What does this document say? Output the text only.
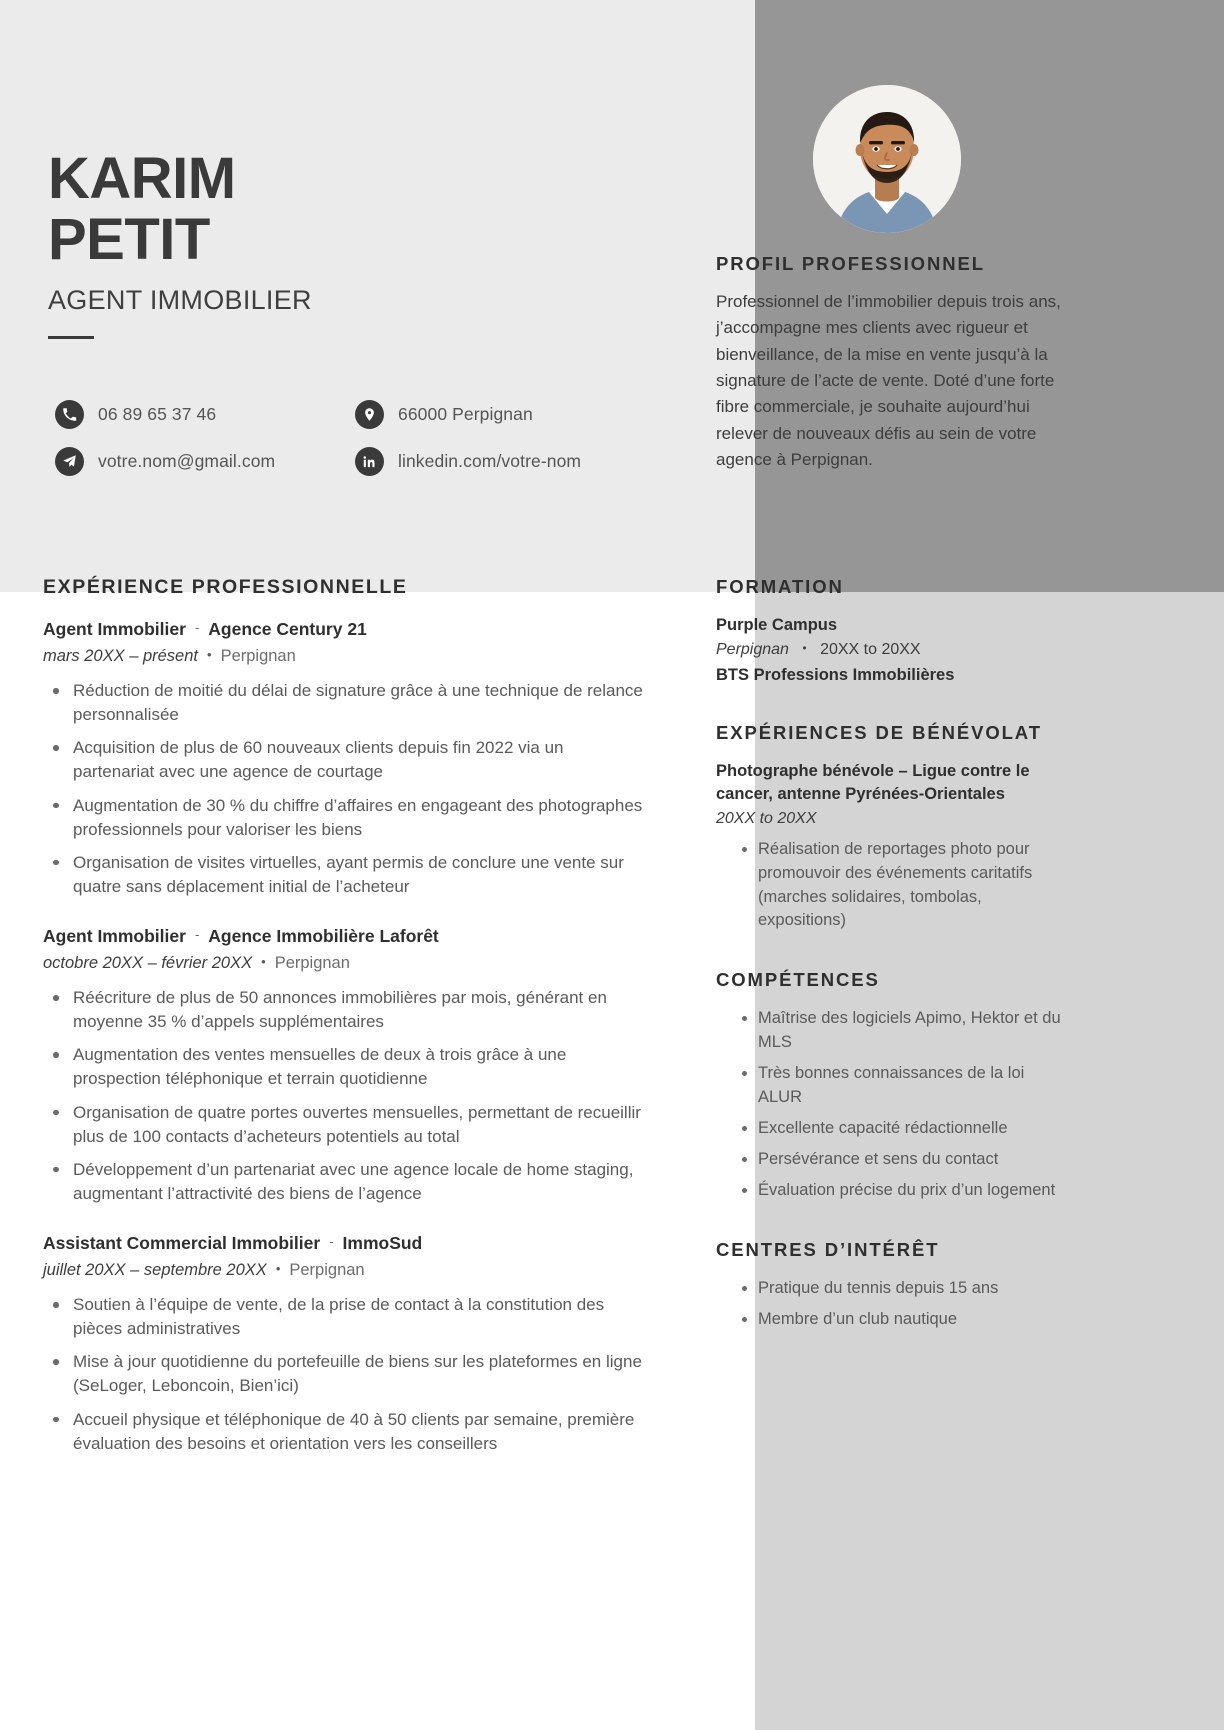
KARIM
PETIT
AGENT IMMOBILIER
06 89 65 37 46	66000 Perpignan
votre.nom@gmail.com	linkedin.com/votre-nom
PROFIL PROFESSIONNEL

Professionnel de l’immobilier depuis trois ans, j’accompagne mes clients avec rigueur et bienveillance, de la mise en vente jusqu’à la signature de l’acte de vente. Doté d’une forte fibre commerciale, je souhaite aujourd’hui relever de nouveaux défis au sein de votre agence à Perpignan.

EXPÉRIENCE PROFESSIONNELLE
Agent Immobilier - Agence Century 21
mars 20XX – présent • Perpignan
Réduction de moitié du délai de signature grâce à une technique de relance personnalisée
Acquisition de plus de 60 nouveaux clients depuis fin 2022 via un partenariat avec une agence de courtage
Augmentation de 30 % du chiffre d’affaires en engageant des photographes professionnels pour valoriser les biens
Organisation de visites virtuelles, ayant permis de conclure une vente sur quatre sans déplacement initial de l’acheteur
Agent Immobilier - Agence Immobilière Laforêt
octobre 20XX – février 20XX • Perpignan
Réécriture de plus de 50 annonces immobilières par mois, générant en moyenne 35 % d’appels supplémentaires
Augmentation des ventes mensuelles de deux à trois grâce à une prospection téléphonique et terrain quotidienne
Organisation de quatre portes ouvertes mensuelles, permettant de recueillir plus de 100 contacts d’acheteurs potentiels au total
Développement d’un partenariat avec une agence locale de home staging, augmentant l’attractivité des biens de l’agence
Assistant Commercial Immobilier - ImmoSud
juillet 20XX – septembre 20XX • Perpignan
Soutien à l’équipe de vente, de la prise de contact à la constitution des pièces administratives
Mise à jour quotidienne du portefeuille de biens sur les plateformes en ligne (SeLoger, Leboncoin, Bien’ici)
Accueil physique et téléphonique de 40 à 50 clients par semaine, première évaluation des besoins et orientation vers les conseillers
FORMATION
Purple Campus
Perpignan • 20XX to 20XX
BTS Professions Immobilières
EXPÉRIENCES DE BÉNÉVOLAT
Photographe bénévole – Ligue contre le cancer, antenne Pyrénées-Orientales
20XX to 20XX
Réalisation de reportages photo pour promouvoir des événements caritatifs (marches solidaires, tombolas, expositions)
COMPÉTENCES
Maîtrise des logiciels Apimo, Hektor et du MLS
Très bonnes connaissances de la loi ALUR
Excellente capacité rédactionnelle
Persévérance et sens du contact
Évaluation précise du prix d’un logement
CENTRES D’INTÉRÊT
Pratique du tennis depuis 15 ans
Membre d’un club nautique
